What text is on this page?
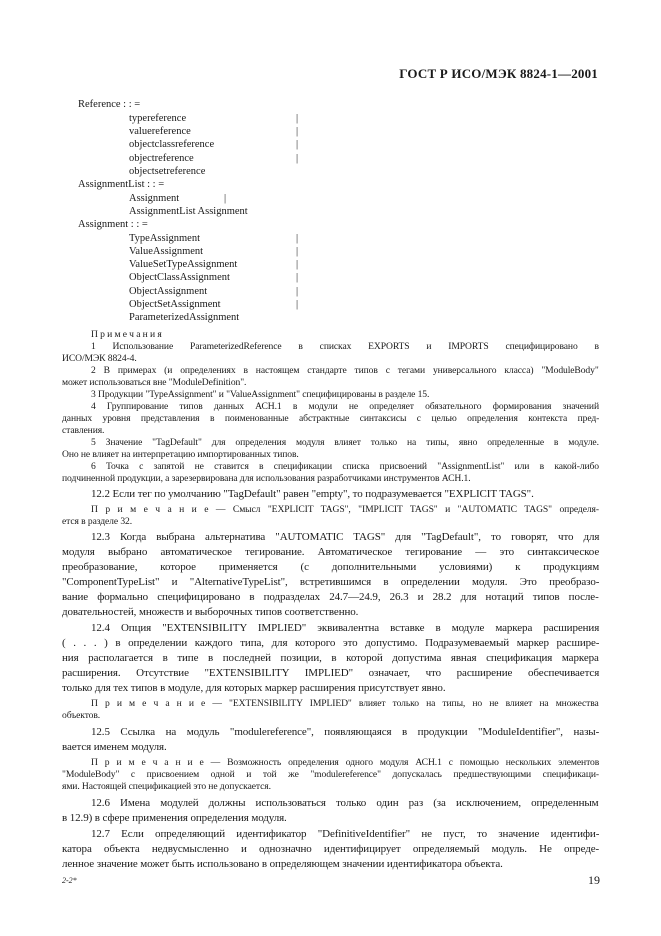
ГОСТ Р ИСО/МЭК 8824-1—2001
Reference : : =
typereference
valuereference
objectclassreference
objectreference
objectsetreference
|
|
|
|
AssignmentList : : =
Assignment	|
AssignmentList Assignment
Assignment : : =
TypeAssignment
ValueAssignment
ValueSetTypeAssignment
ObjectClassAssignment
ObjectAssignment
ObjectSetAssignment
ParameterizedAssignment
|
|
|
|
|
|
П р и м е ч а н и я
1 Использование ParameterizedReference в списках EXPORTS и IMPORTS специфицировано в
ИСО/МЭК 8824-4.
2 В примерах (и определениях в настоящем стандарте типов с тегами универсального класса) "ModuleBody"
может использоваться вне "ModuleDefinition".
3 Продукции "TypeAssignment" и "ValueAssignment" специфицированы в разделе 15.
4 Группирование типов данных АСН.1 в модули не определяет обязательного формирования значений
данных уровня представления в поименованные абстрактные синтаксисы с целью определения контекста пред-
ставления.
5 Значение "TagDefault" для определения модуля влияет только на типы, явно определенные в модуле.
Оно не влияет на интерпретацию импортированных типов.
6 Точка с запятой не ставится в спецификации списка присвоений "AssignmentList" или в какой-либо
подчиненной продукции, а зарезервирована для использования разработчиками инструментов АСН.1.
12.2 Если тег по умолчанию "TagDefault" равен "empty", то подразумевается "EXPLICIT TAGS".
П р и м е ч а н и е — Смысл "EXPLICIT TAGS", "IMPLICIT TAGS" и "AUTOMATIC TAGS" определя-
ется в разделе 32.
12.3 Когда выбрана альтернатива "AUTOMATIC TAGS" для "TagDefault", то говорят, что для
модуля выбрано автоматическое тегирование. Автоматическое тегирование — это синтаксическое
преобразование, которое применяется (с дополнительными условиями) к продукциям
"ComponentTypeList" и "AlternativeTypeList", встретившимся в определении модуля. Это преобразо-
вание формально специфицировано в подразделах 24.7—24.9, 26.3 и 28.2 для нотаций типов после-
довательностей, множеств и выборочных типов соответственно.
12.4 Опция "EXTENSIBILITY IMPLIED" эквивалентна вставке в модуле маркера расширения
( . . . ) в определении каждого типа, для которого это допустимо. Подразумеваемый маркер расшире-
ния располагается в типе в последней позиции, в которой допустима явная спецификация маркера
расширения. Отсутствие "EXTENSIBILITY IMPLIED" означает, что расширение обеспечивается
только для тех типов в модуле, для которых маркер расширения присутствует явно.
П р и м е ч а н и е — "EXTENSIBILITY IMPLIED" влияет только на типы, но не влияет на множества
объектов.
12.5 Ссылка на модуль "modulereference", появляющаяся в продукции "ModuleIdentifier", назы-
вается именем модуля.
П р и м е ч а н и е — Возможность определения одного модуля АСН.1 с помощью нескольких элементов
"ModuleBody" с присвоением одной и той же "modulereference" допускалась предшествующими спецификаци-
ями. Настоящей спецификацией это не допускается.
12.6 Имена модулей должны использоваться только один раз (за исключением, определенным
в 12.9) в сфере применения определения модуля.
12.7 Если определяющий идентификатор "DefinitiveIdentifier" не пуст, то значение идентифи-
катора объекта недвусмысленно и однозначно идентифицирует определяемый модуль. Не опреде-
ленное значение может быть использовано в определяющем значении идентификатора объекта.
2-2*	19
